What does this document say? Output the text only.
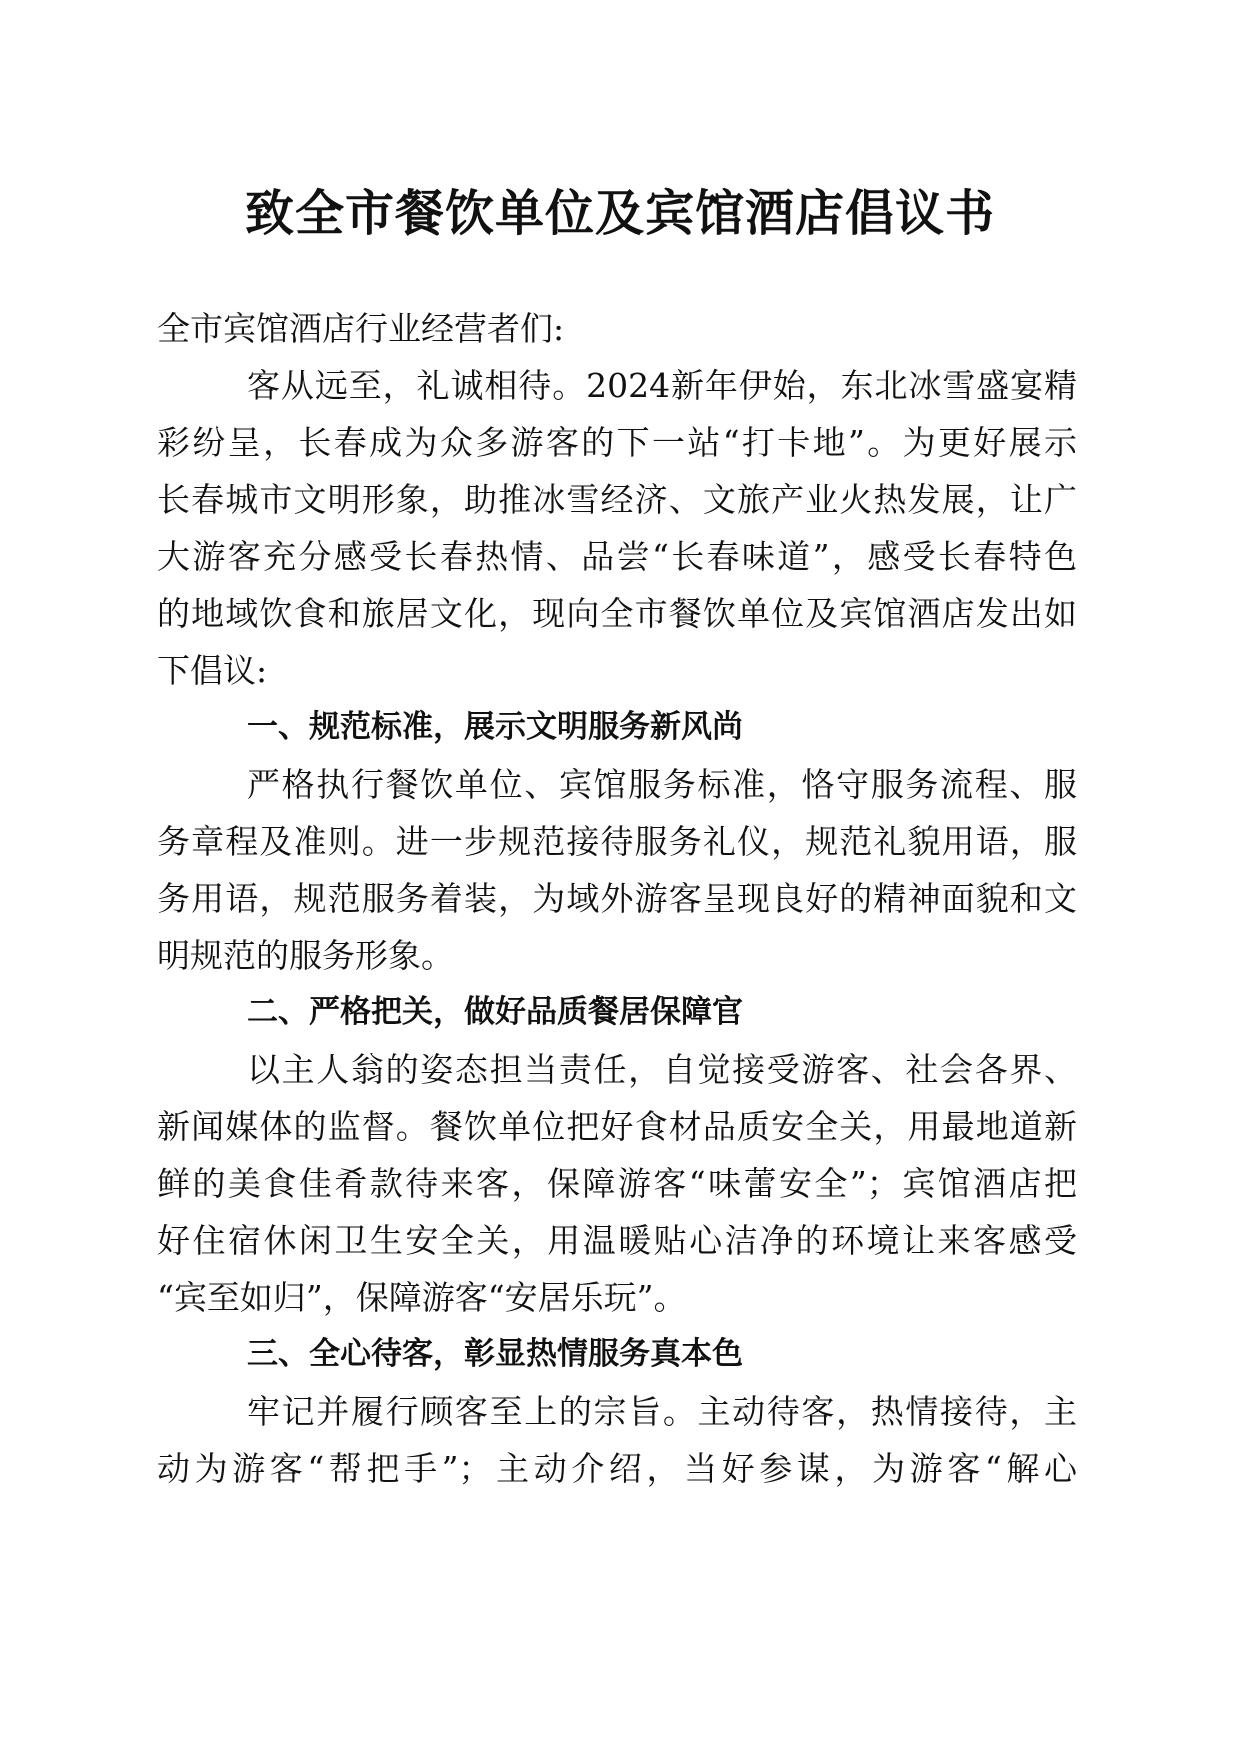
致全市餐饮单位及宾馆酒店倡议书

全市宾馆酒店行业经营者们:

客从远至，礼诚相待。2024新年伊始，东北冰雪盛宴精

彩纷呈，长春成为众多游客的下一站“打卡地”。为更好展示

长春城市文明形象，助推冰雪经济、文旅产业火热发展，让广

大游客充分感受长春热情、品尝“长春味道”，感受长春特色

的地域饮食和旅居文化，现向全市餐饮单位及宾馆酒店发出如

下倡议:

一、规范标准，展示文明服务新风尚

严格执行餐饮单位、宾馆服务标准，恪守服务流程、服

务章程及准则。进一步规范接待服务礼仪，规范礼貌用语，服

务用语，规范服务着装，为域外游客呈现良好的精神面貌和文

明规范的服务形象。

二、严格把关，做好品质餐居保障官

以主人翁的姿态担当责任，自觉接受游客、社会各界、

新闻媒体的监督。餐饮单位把好食材品质安全关，用最地道新

鲜的美食佳肴款待来客，保障游客“味蕾安全”；宾馆酒店把

好住宿休闲卫生安全关，用温暖贴心洁净的环境让来客感受

“宾至如归”，保障游客“安居乐玩”。

三、全心待客，彰显热情服务真本色

牢记并履行顾客至上的宗旨。主动待客，热情接待，主

动为游客“帮把手”；主动介绍，当好参谋，为游客“解心
